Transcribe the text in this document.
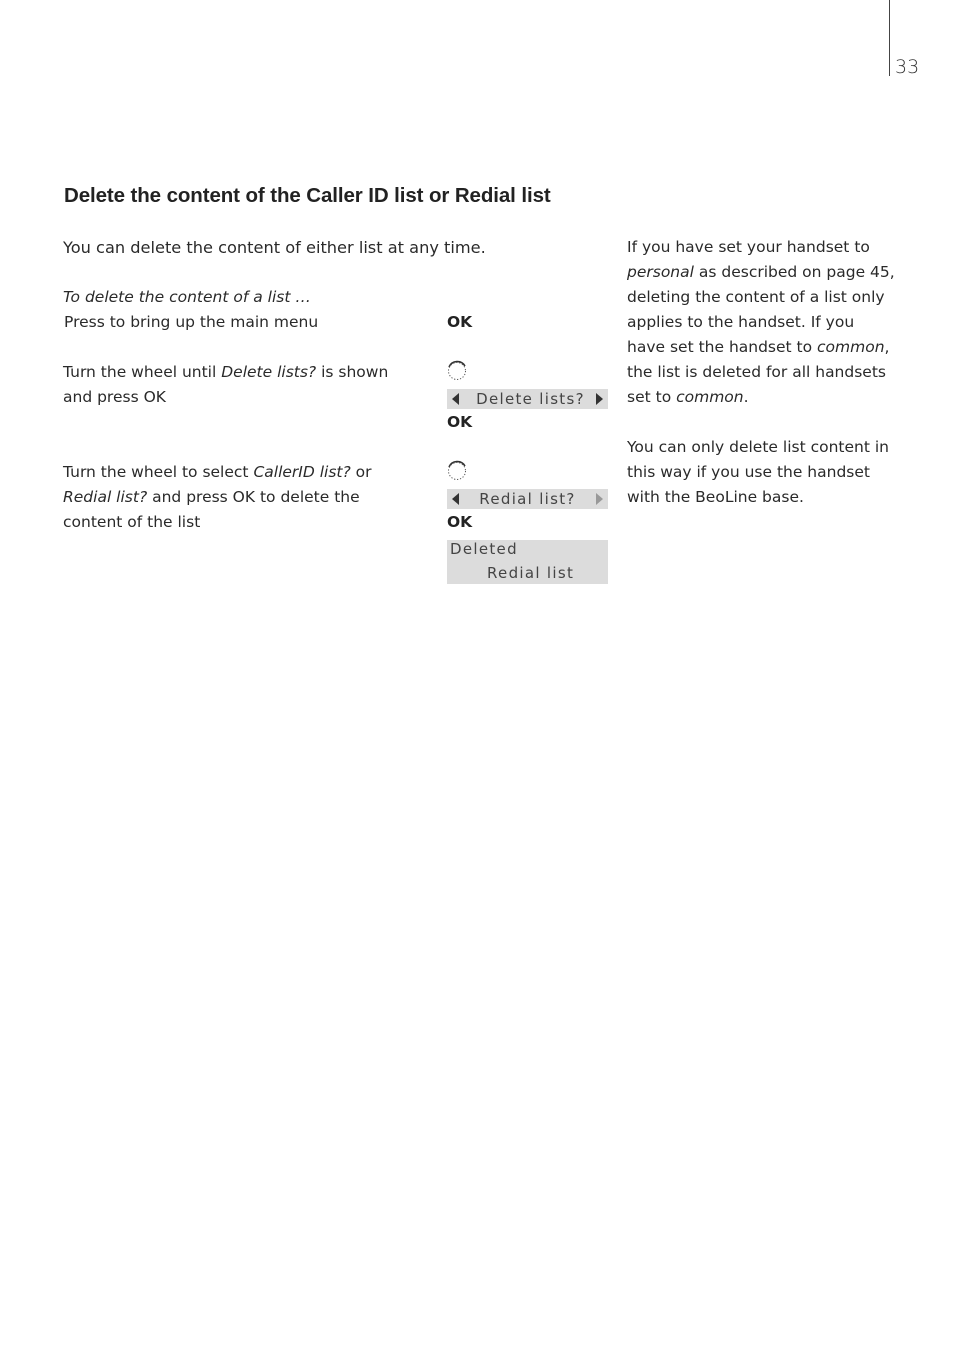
33
Delete the content of the Caller ID list or Redial list
You can delete the content of either list at any time.
To delete the content of a list …
Press to bring up the main menu	OK
Turn the wheel until Delete lists? is shown and press OK	Delete lists?
OK
Turn the wheel to select CallerID list? or Redial list? and press OK to delete the content of the list
Redial list?
OK
Deleted
Redial list

If you have set your handset to personal as described on page 45, deleting the content of a list only applies to the handset. If you have set the handset to common, the list is deleted for all handsets set to common.

You can only delete list content in this way if you use the handset with the BeoLine base.
